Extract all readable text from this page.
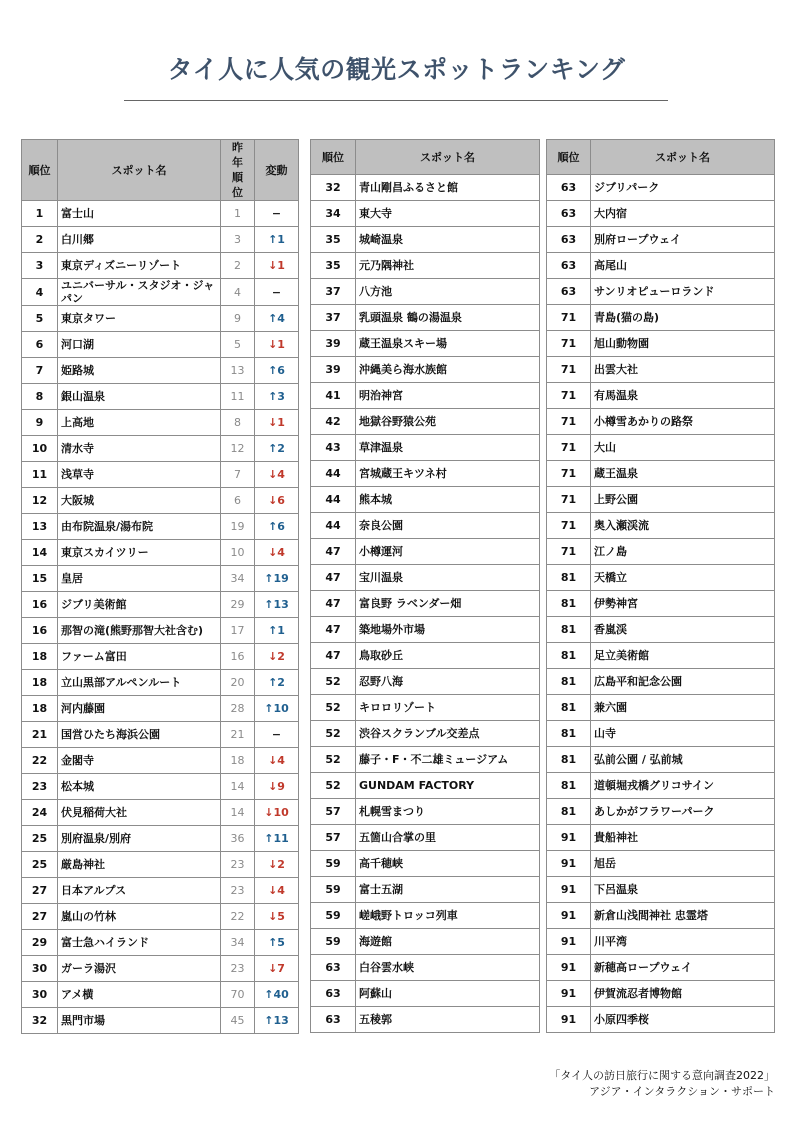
タイ人に人気の観光スポットランキング
順位	スポット名	昨年順位	変動
1	富士山	1	−
2	白川郷	3	↑1
3	東京ディズニーリゾート	2	↓1
4	ユニバーサル・スタジオ・ジャパン	4	−
5	東京タワー	9	↑4
6	河口湖	5	↓1
7	姫路城	13	↑6
8	銀山温泉	11	↑3
9	上高地	8	↓1
10	清水寺	12	↑2
11	浅草寺	7	↓4
12	大阪城	6	↓6
13	由布院温泉/湯布院	19	↑6
14	東京スカイツリー	10	↓4
15	皇居	34	↑19
16	ジブリ美術館	29	↑13
16	那智の滝(熊野那智大社含む)	17	↑1
18	ファーム富田	16	↓2
18	立山黒部アルペンルート	20	↑2
18	河内藤園	28	↑10
21	国営ひたち海浜公園	21	−
22	金閣寺	18	↓4
23	松本城	14	↓9
24	伏見稲荷大社	14	↓10
25	別府温泉/別府	36	↑11
25	厳島神社	23	↓2
27	日本アルプス	23	↓4
27	嵐山の竹林	22	↓5
29	富士急ハイランド	34	↑5
30	ガーラ湯沢	23	↓7
30	アメ横	70	↑40
32	黒門市場	45	↑13
順位	スポット名
32	青山剛昌ふるさと館
34	東大寺
35	城崎温泉
35	元乃隅神社
37	八方池
37	乳頭温泉 鶴の湯温泉
39	蔵王温泉スキー場
39	沖縄美ら海水族館
41	明治神宮
42	地獄谷野猿公苑
43	草津温泉
44	宮城蔵王キツネ村
44	熊本城
44	奈良公園
47	小樽運河
47	宝川温泉
47	富良野 ラベンダー畑
47	築地場外市場
47	鳥取砂丘
52	忍野八海
52	キロロリゾート
52	渋谷スクランブル交差点
52	藤子・F・不二雄ミュージアム
52	GUNDAM FACTORY
57	札幌雪まつり
57	五箇山合掌の里
59	高千穂峡
59	富士五湖
59	嵯峨野トロッコ列車
59	海遊館
63	白谷雲水峡
63	阿蘇山
63	五稜郭
順位	スポット名
63	ジブリパーク
63	大内宿
63	別府ロープウェイ
63	高尾山
63	サンリオピューロランド
71	青島(猫の島)
71	旭山動物園
71	出雲大社
71	有馬温泉
71	小樽雪あかりの路祭
71	大山
71	蔵王温泉
71	上野公園
71	奥入瀬渓流
71	江ノ島
81	天橋立
81	伊勢神宮
81	香嵐渓
81	足立美術館
81	広島平和記念公園
81	兼六園
81	山寺
81	弘前公園 / 弘前城
81	道頓堀戎橋グリコサイン
81	あしかがフラワーパーク
91	貴船神社
91	旭岳
91	下呂温泉
91	新倉山浅間神社 忠霊塔
91	川平湾
91	新穂高ロープウェイ
91	伊賀流忍者博物館
91	小原四季桜
「タイ人の訪日旅行に関する意向調査2022」
アジア・インタラクション・サポート
